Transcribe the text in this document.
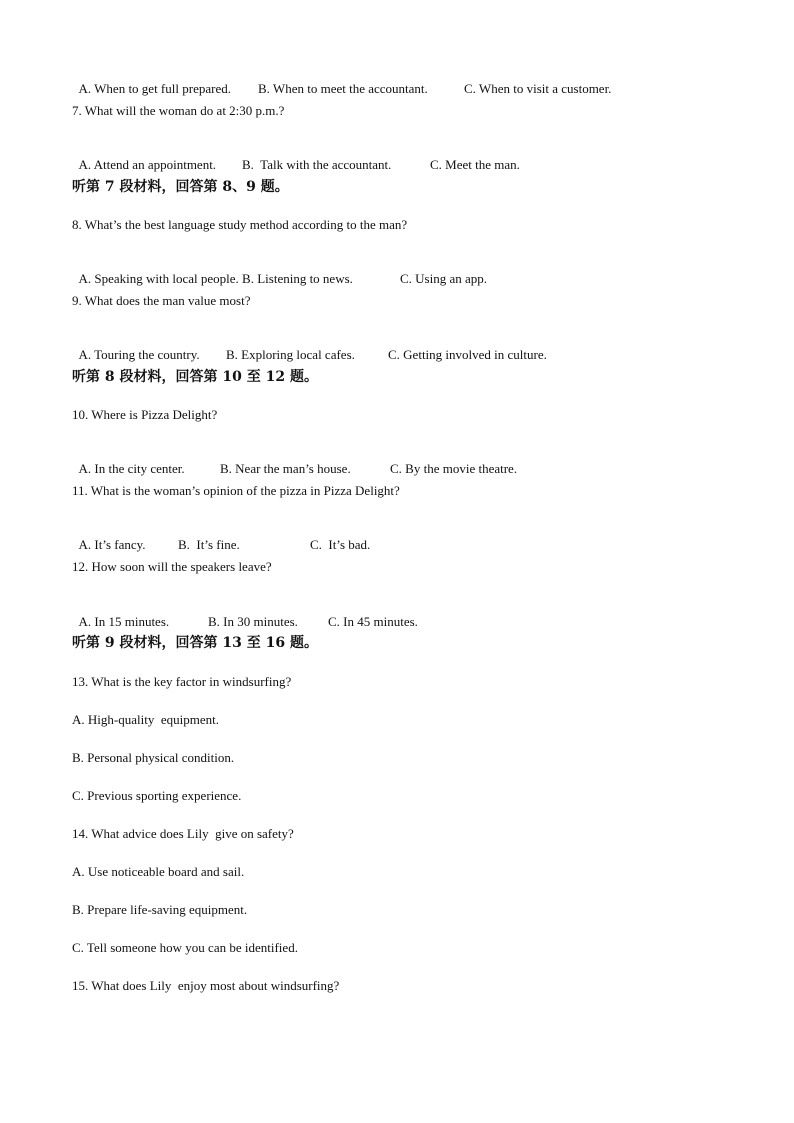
A. When to get full prepared. B. When to meet the accountant.	C. When to visit a customer.

7. What will the woman do at 2:30 p.m.?

A. Attend an appointment. B.  Talk with the accountant.	C. Meet the man.

听第 7 段材料，回答第 8、9 题。
8. What’s the best language study method according to the man?

A. Speaking with local people. B. Listening to news.	C. Using an app.

9. What does the man value most?

A. Touring the country. B. Exploring local cafes.	C. Getting involved in culture.

听第 8 段材料，回答第 10 至 12 题。
10. Where is Pizza Delight?

A. In the city center.	B. Near the man’s house.	C. By the movie theatre.

11. What is the woman’s opinion of the pizza in Pizza Delight?

A. It’s fancy. B.  It’s fine.	C.  It’s bad.

12. How soon will the speakers leave?

A. In 15 minutes.	B. In 30 minutes. C. In 45 minutes.

听第 9 段材料，回答第 13 至 16 题。
13. What is the key factor in windsurfing?
A. High-quality  equipment.
B. Personal physical condition.
C. Previous sporting experience.
14. What advice does Lily  give on safety?
A. Use noticeable board and sail.
B. Prepare life-saving equipment.
C. Tell someone how you can be identified.
15. What does Lily  enjoy most about windsurfing?
